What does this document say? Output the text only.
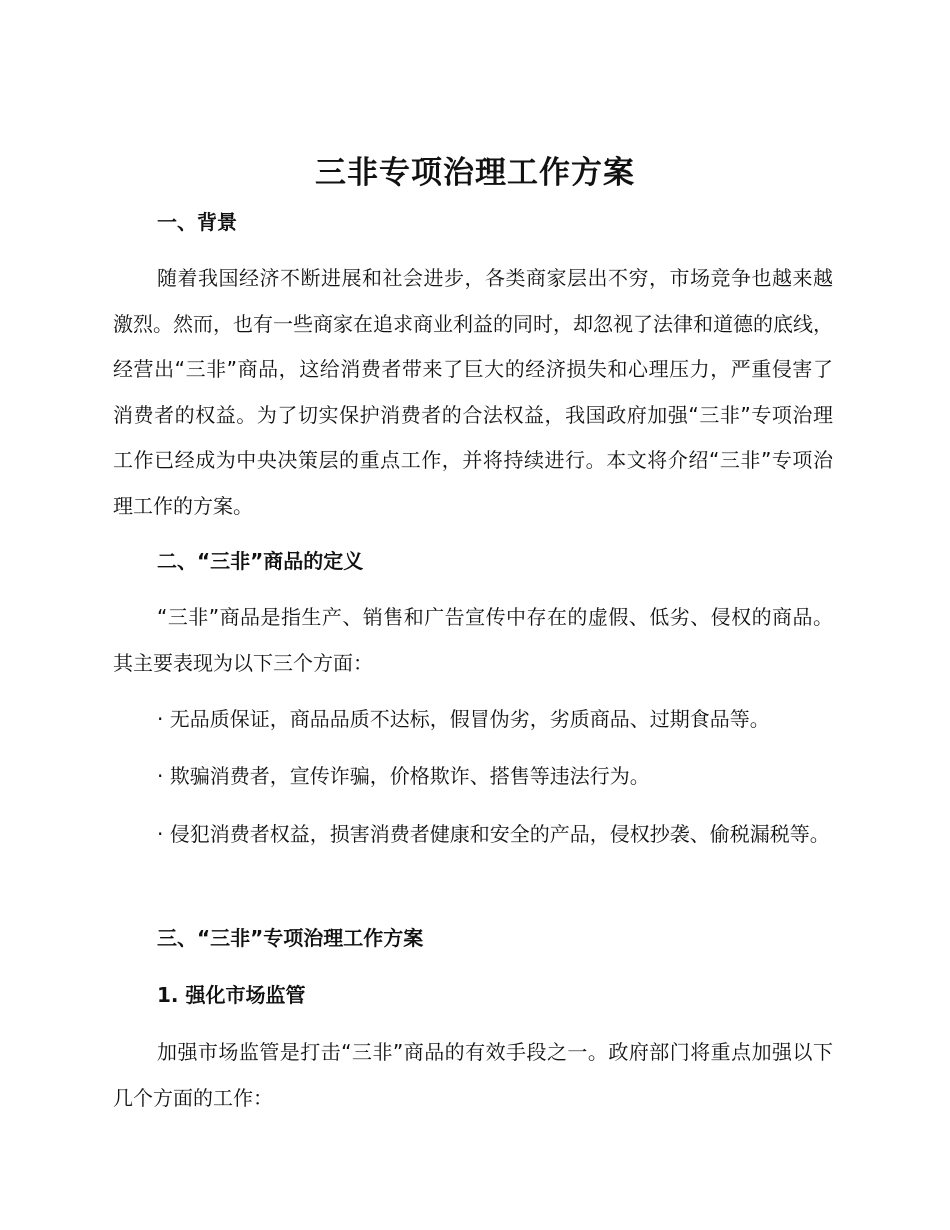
三非专项治理工作方案
一、背景
随着我国经济不断进展和社会进步，各类商家层出不穷，市场竞争也越来越激烈。然而，也有一些商家在追求商业利益的同时，却忽视了法律和道德的底线，经营出“三非”商品，这给消费者带来了巨大的经济损失和心理压力，严重侵害了消费者的权益。为了切实保护消费者的合法权益，我国政府加强“三非”专项治理工作已经成为中央决策层的重点工作，并将持续进行。本文将介绍“三非”专项治理工作的方案。
二、“三非”商品的定义
“三非”商品是指生产、销售和广告宣传中存在的虚假、低劣、侵权的商品。其主要表现为以下三个方面：
· 无品质保证，商品品质不达标，假冒伪劣，劣质商品、过期食品等。
· 欺骗消费者，宣传诈骗，价格欺诈、搭售等违法行为。
· 侵犯消费者权益，损害消费者健康和安全的产品，侵权抄袭、偷税漏税等。
三、“三非”专项治理工作方案
1. 强化市场监管
加强市场监管是打击“三非”商品的有效手段之一。政府部门将重点加强以下几个方面的工作：
